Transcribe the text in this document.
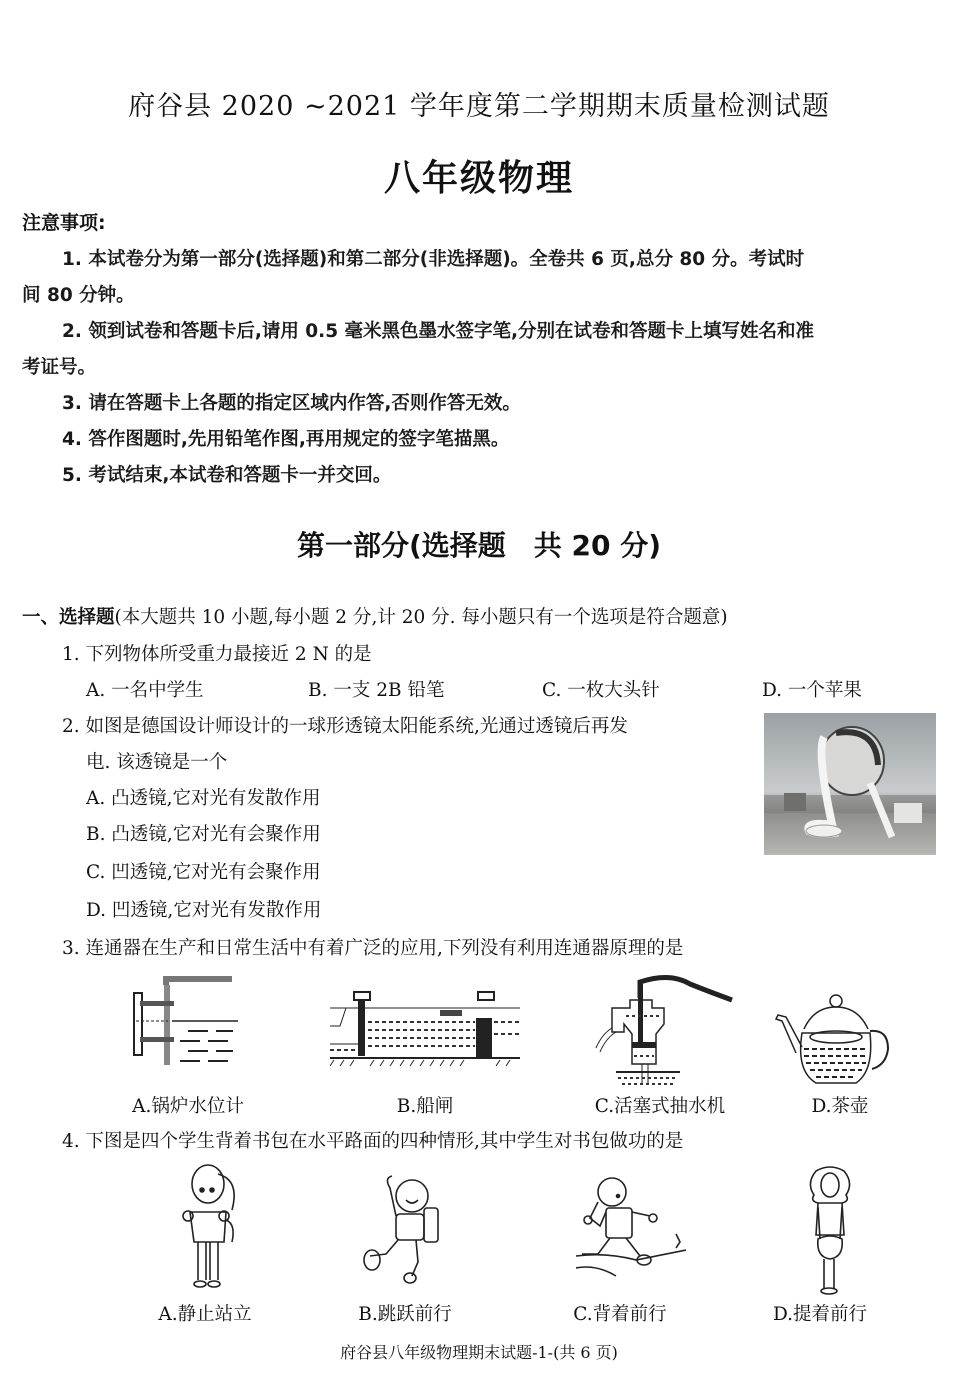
府谷县 2020 ~2021 学年度第二学期期末质量检测试题
八年级物理
注意事项:
1. 本试卷分为第一部分(选择题)和第二部分(非选择题)。全卷共 6 页,总分 80 分。考试时
间 80 分钟。
2. 领到试卷和答题卡后,请用 0.5 毫米黑色墨水签字笔,分别在试卷和答题卡上填写姓名和准
考证号。
3. 请在答题卡上各题的指定区域内作答,否则作答无效。
4. 答作图题时,先用铅笔作图,再用规定的签字笔描黑。
5. 考试结束,本试卷和答题卡一并交回。
第一部分(选择题　共 20 分)
一、选择题(本大题共 10 小题,每小题 2 分,计 20 分. 每小题只有一个选项是符合题意)
1. 下列物体所受重力最接近 2 N 的是
A. 一名中学生	B. 一支 2B 铅笔	C. 一枚大头针	D. 一个苹果
2. 如图是德国设计师设计的一球形透镜太阳能系统,光通过透镜后再发
电. 该透镜是一个
A. 凸透镜,它对光有发散作用
B. 凸透镜,它对光有会聚作用
C. 凹透镜,它对光有会聚作用
D. 凹透镜,它对光有发散作用
3. 连通器在生产和日常生活中有着广泛的应用,下列没有利用连通器原理的是
A.锅炉水位计	B.船闸	C.活塞式抽水机	D.茶壶
4. 下图是四个学生背着书包在水平路面的四种情形,其中学生对书包做功的是
A.静止站立	B.跳跃前行	C.背着前行	D.提着前行
府谷县八年级物理期末试题-1-(共 6 页)
